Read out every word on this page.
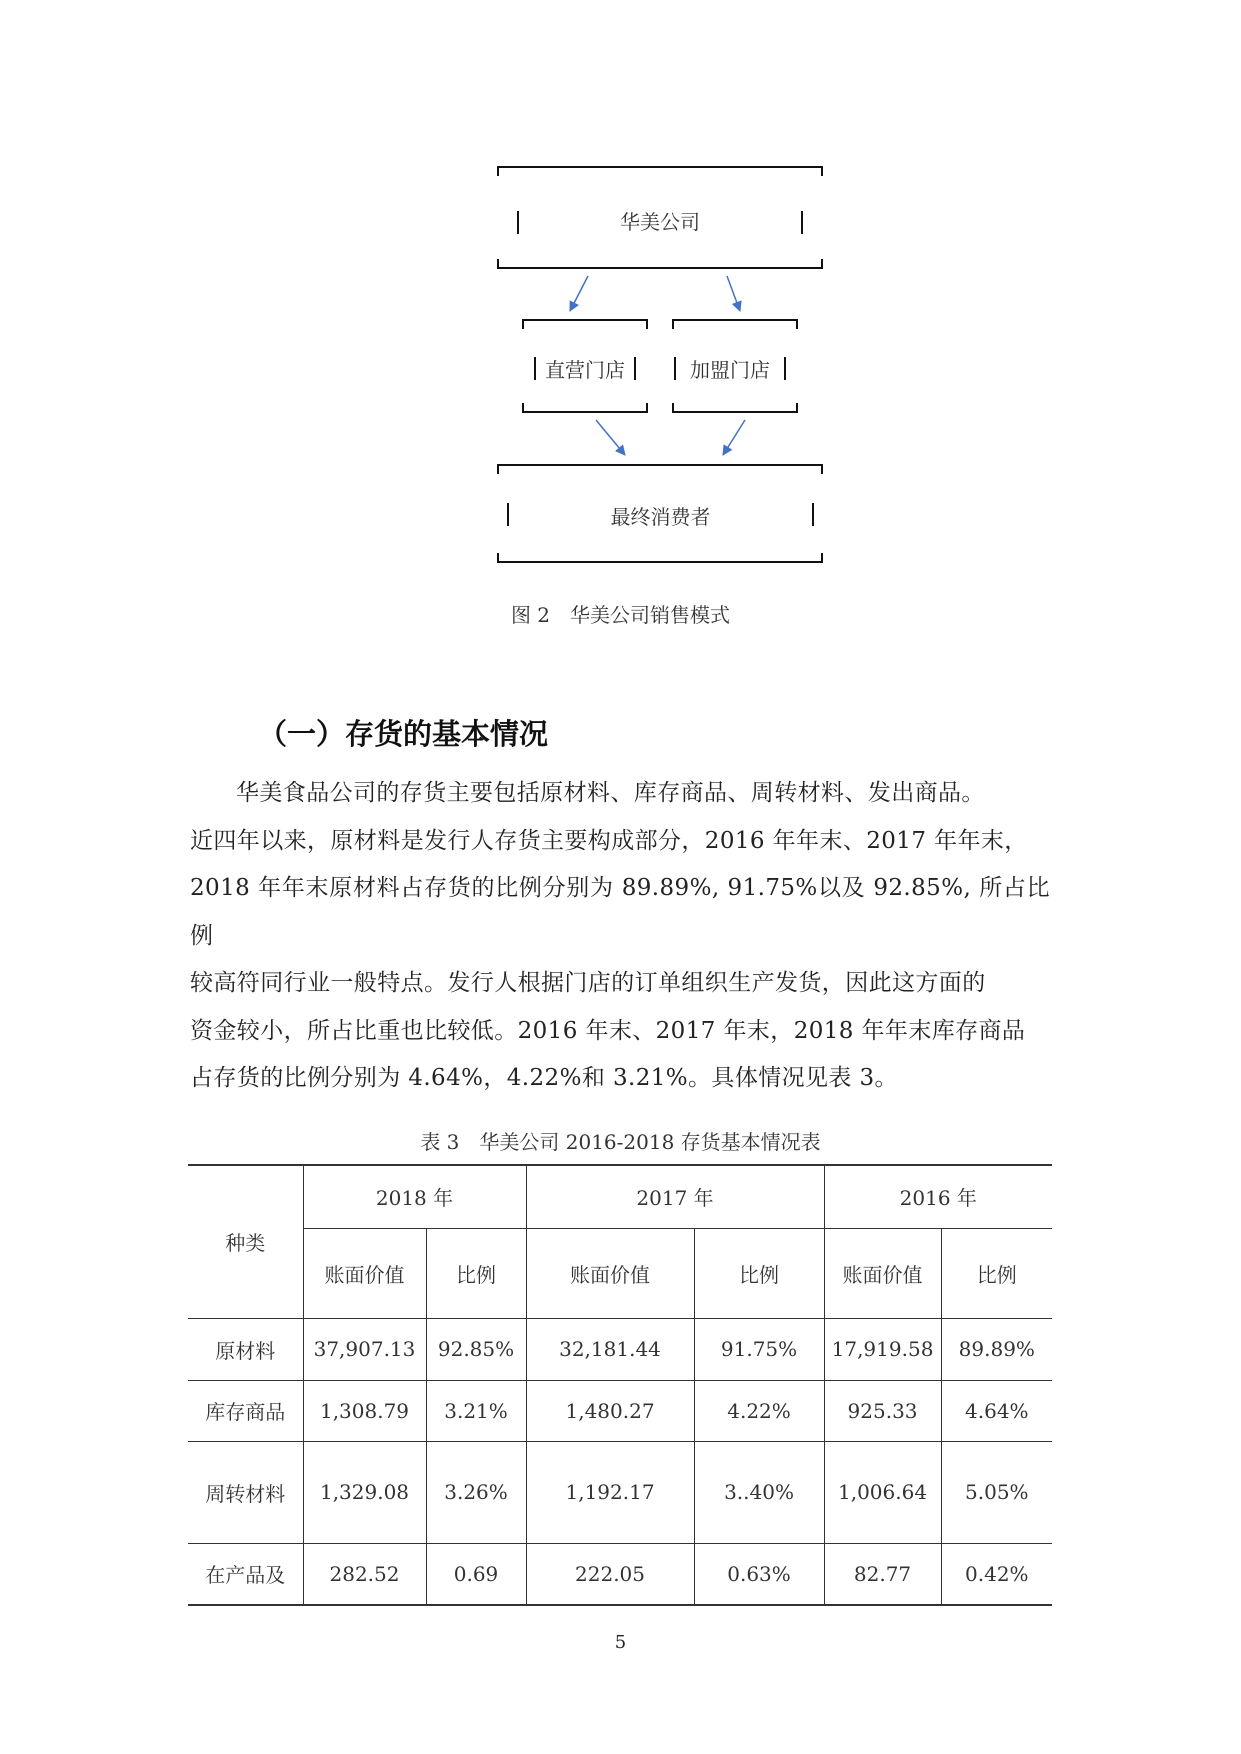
华美公司
直营门店	加盟门店
最终消费者
图 2　华美公司销售模式
（一）存货的基本情况

华美食品公司的存货主要包括原材料、库存商品、周转材料、发出商品。

近四年以来，原材料是发行人存货主要构成部分，2016 年年末、2017 年年末，

2018 年年末原材料占存货的比例分别为 89.89%, 91.75%以及 92.85%, 所占比例

较高符同行业一般特点。发行人根据门店的订单组织生产发货，因此这方面的

资金较小，所占比重也比较低。2016 年末、2017 年末，2018 年年末库存商品

占存货的比例分别为 4.64%，4.22%和 3.21%。具体情况见表 3。

表 3　华美公司 2016-2018 存货基本情况表
种类	2018 年		2017 年		2016 年	
	账面价值	比例	账面价值	比例	账面价值	比例
原材料	37,907.13	92.85%	32,181.44	91.75%	17,919.58	89.89%
库存商品	1,308.79	3.21%	1,480.27	4.22%	925.33	4.64%
周转材料	1,329.08	3.26%	1,192.17	3..40%	1,006.64	5.05%
在产品及	282.52	0.69	222.05	0.63%	82.77	0.42%
5
